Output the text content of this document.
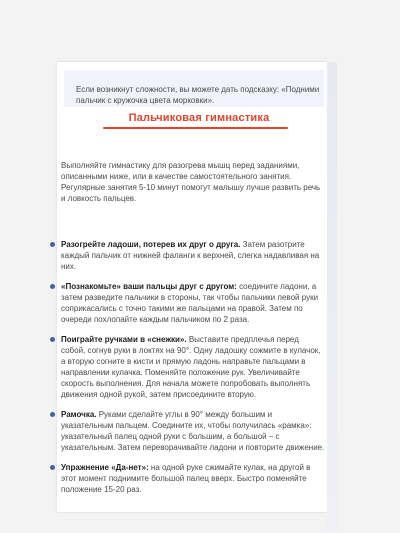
Если возникнут сложности, вы можете дать подсказку: «Подними пальчик с кружочка цвета морковки».
Пальчиковая гимнастика
Выполняйте гимнастику для разогрева мышц перед заданиями, описанными ниже, или в качестве самостоятельного занятия. Регулярные занятия 5-10 минут помогут малышу лучше развить речь и ловкость пальцев.
Разогрейте ладоши, потерев их друг о друга. Затем разотрите каждый пальчик от нижней фаланги к верхней, слегка надавливая на них.
«Познакомьте» ваши пальцы друг с другом: соедините ладони, а затем разведите пальчики в стороны, так чтобы пальчики левой руки соприкасались с точно такими же пальцами на правой. Затем по очереди похлопайте каждым пальчиком по 2 раза.
Поиграйте ручками в «снежки». Выставите предплечья перед собой, согнув руки в локтях на 90°. Одну ладошку сожмите в кулачок, а вторую согните в кисти и прямую ладонь направьте пальцами в направлении кулачка. Поменяйте положение рук. Увеличивайте скорость выполнения. Для начала можете попробовать выполнять движения одной рукой, затем присоедините вторую.
Рамочка. Руками сделайте углы в 90° между большим и указательным пальцем. Соедините их, чтобы получилась «рамка»: указательный палец одной руки с большим, а большой – с указательным. Затем переворачивайте ладони и повторите движение.
Упражнение «Да-нет»: на одной руке сжимайте кулак, на другой в этот момент поднимите большой палец вверх. Быстро поменяйте положение 15-20 раз.
